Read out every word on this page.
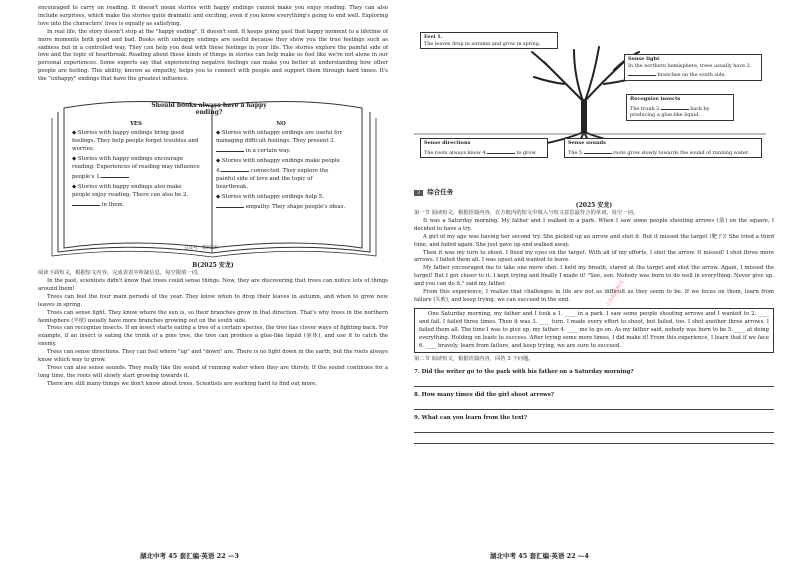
encouraged to carry on reading. It doesn't mean stories with happy endings cannot make you enjoy reading. They can also include surprises, which make the stories quite dramatic and exciting, even if you know everything's going to end well. Exploring love into the characters' lives is equally as satisfying.

In real life, the story doesn't stop at the "happy ending". It doesn't end. It keeps going past that happy moment to a lifetime of more moments both good and bad. Books with unhappy endings are useful because they show you the true feelings such as sadness but in a controlled way. They can help you deal with these feelings in your life. The stories explore the painful side of love and the topic of heartbreak. Reading about these kinds of things in stories can help make us feel like we're not alone in our personal experiences. Some experts say that experiencing negative feelings can make you better at understanding how other people are feeling. This ability, known as empathy, helps you to connect with people and support them through hard times. It's the "unhappy" endings that have the greatest influence.

Should books always have a happy ending?
YES
◆ Stories with happy endings bring good feelings. They help people forget troubles and worries.
◆ Stories with happy endings encourage reading. Experiences of reading may influence people's 1.
◆ Stories with happy endings also make people enjoy reading. There can also be 2. in them.
NO
◆ Stories with unhappy endings are useful for managing difficult feelings. They present 3. in a certain way.
◆ Stories with unhappy endings make people 4.	connected. They explore the painful side of love and the topic of heartbreak.
◆ Stories with unhappy endings help 5. empathy. They shape people's ideas.
公众号：资料K好
B(2025 安龙)

阅读下面短文，根据短文内容，完成表表中所缺信息，每空限填一词。

In the past, scientists didn't know that trees could sense things. Now, they are discovering that trees can notice lots of things around them!

Trees can feel the four main periods of the year. They know when to drop their leaves in autumn, and when to grow new leaves in spring.

Trees can sense light. They know where the sun is, so their branches grow in that direction. That's why trees in the northern hemisphere (半球) usually have more branches growing out on the south side.

Trees can recognize insects. If an insect starts eating a tree of a certain species, the tree has clever ways of fighting back. For example, if an insect is eating the trunk of a pine tree, the tree can produce a glue-like liquid (液体), and use it to catch the enemy.

Trees can sense directions. They can feel where "up" and "down" are. There is no light down in the earth, but the roots always know which way to grow.

Trees can also sense sounds. They really like the sound of running water when they are thirsty. If the sound continues for a long time, the roots will slowly start growing towards it.

There are still many things we don't know about trees. Scientists are working hard to find out more.

湖北中考 45 套汇编·英语 22 —3
Feel 1.
The leaves drop in autumn and grow in spring.
Sense light
In the northern hemisphere, trees usually have 2. branches on the south side.
Recognize insects
The trunk 3.	back by producing a glue-like liquid.
Sense directions
The roots always know 4.	to grow.
Sense sounds
The 5.	roots grow slowly towards the sound of running water.
3 综合任务
(2025 安龙)

第一节 阅读短文，根据语篇内容，在方框内的短文中填入与短文意思最符合的单词，每空一词。

It was a Saturday morning. My father and I walked in a park. When I saw some people shooting arrows (箭) on the square, I decided to have a try.

A girl of my age was having her second try. She picked up an arrow and shot it. But it missed the target (靶子)! She tried a third time, and failed again. She just gave up and walked away.

Then it was my turn to shoot. I fixed my eyes on the target. With all of my efforts, I shot the arrow. It missed! I shot three more arrows. I failed them all. I was upset and wanted to leave.

My father encouraged me to take one more shot. I held my breath, stared at the target and shot the arrow. Again, I missed the target! But I got closer to it. I kept trying and finally I made it! "See, son. Nobody was born to do well in everything. Never give up, and you can do it," said my father.

From this experience, I realize that challenges in life are not as difficult as they seem to be. If we focus on them, learn from failure (失败), and keep trying, we can succeed in the end.

One Saturday morning, my father and I took a 1. ____ in a park. I saw some people shooting arrows and I wanted to 2. ____ and fail. I failed three times. Then it was 3. ____ turn. I made every effort to shoot, but failed, too. I shot another three arrows. I failed them all. The time I was to give up, my father 4. ____ me to go on. As my father said, nobody was born to be 5. ____ at doing everything. Holding on leads to success. After trying some more times, I did make it! From this experience, I learn that if we face 6. ____ bravely, learn from failure, and keep trying, we are sure to succeed.

第二节 阅读短文，根据语篇内容，回答 3 个问题。

7. Did the writer go to the park with his father on a Saturday morning?
8. How many times did the girl shoot arrows?
9. What can you learn from the text?
湖北中考 45 套汇编·英语 22 —4
小升初资料站
